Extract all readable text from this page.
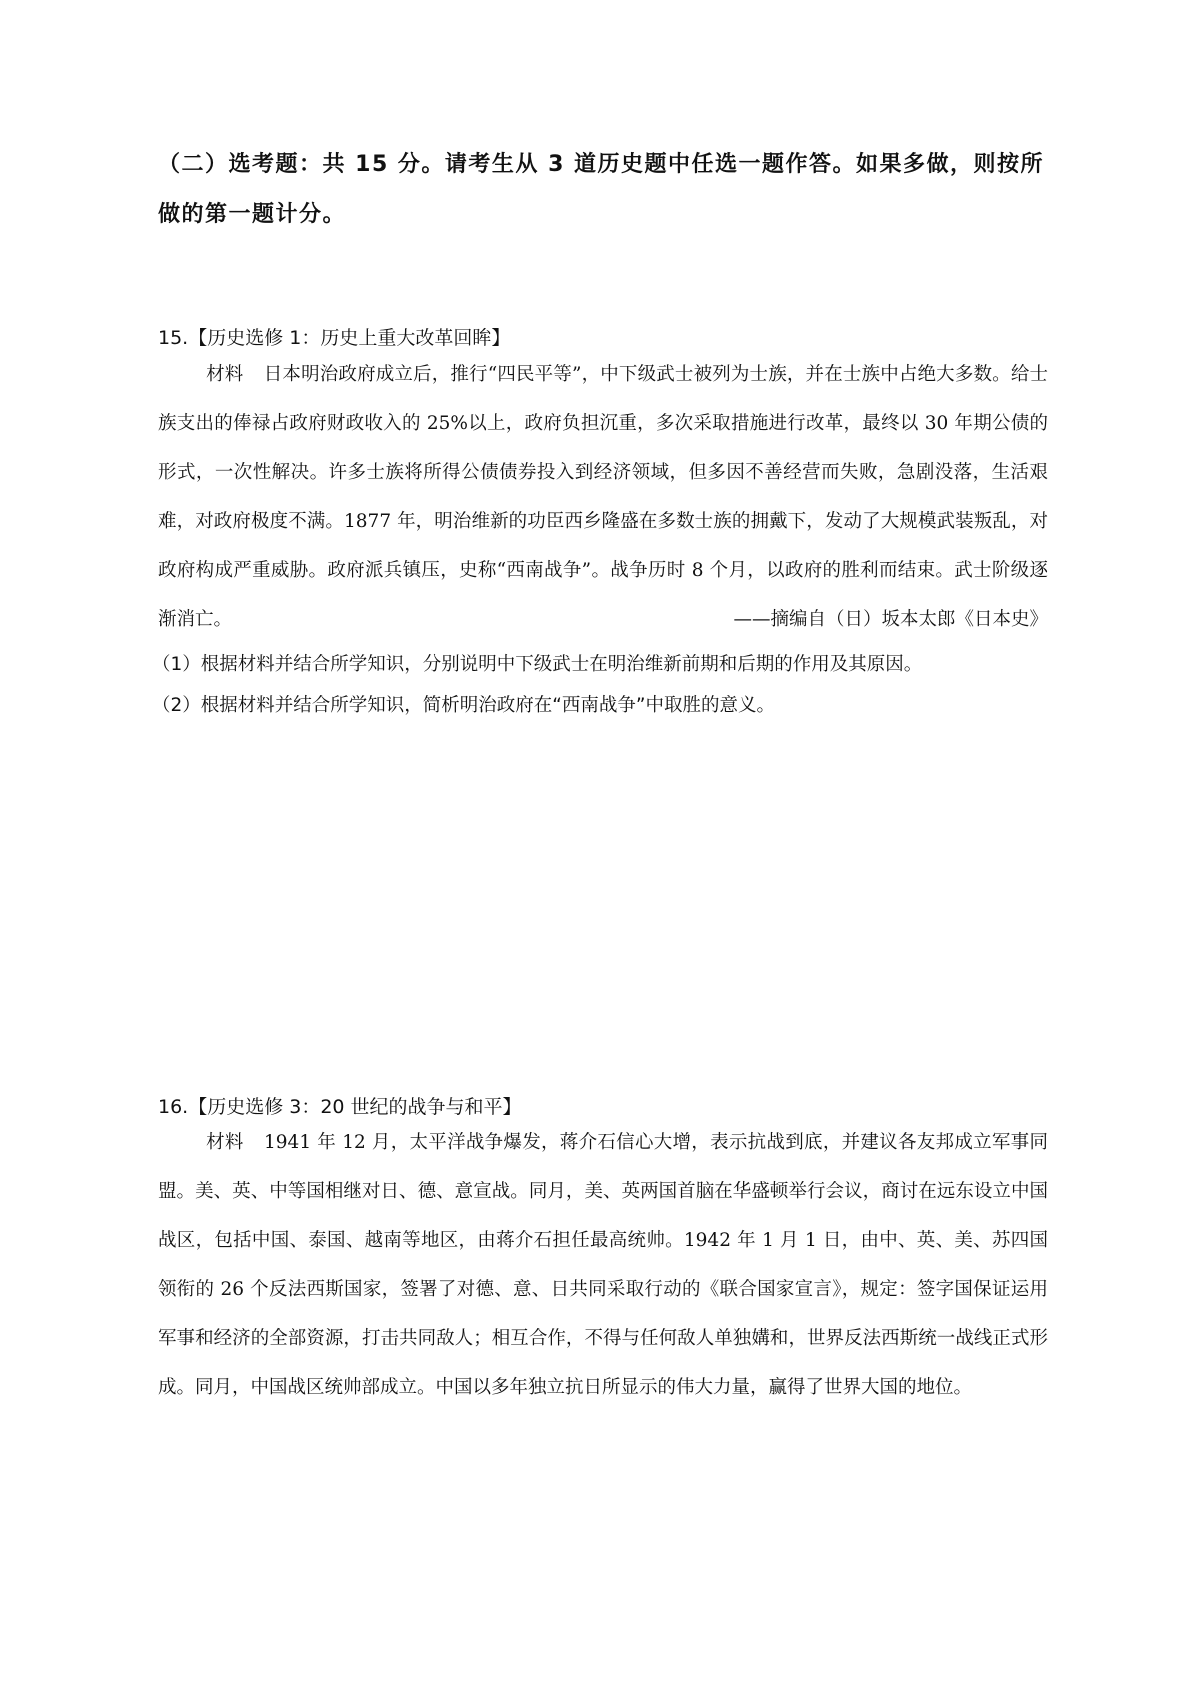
（二）选考题：共 15 分。请考生从 3 道历史题中任选一题作答。如果多做，则按所做的第一题计分。
15.【历史选修 1：历史上重大改革回眸】
材料 日本明治政府成立后，推行“四民平等”，中下级武士被列为士族，并在士族中占绝大多数。给士族支出的俸禄占政府财政收入的 25%以上，政府负担沉重，多次采取措施进行改革，最终以 30 年期公债的形式，一次性解决。许多士族将所得公债债券投入到经济领域，但多因不善经营而失败，急剧没落，生活艰难，对政府极度不满。1877 年，明治维新的功臣西乡隆盛在多数士族的拥戴下，发动了大规模武装叛乱，对政府构成严重威胁。政府派兵镇压，史称“西南战争”。战争历时 8 个月，以政府的胜利而结束。武士阶级逐渐消亡。	——摘编自（日）坂本太郎《日本史》
（1）根据材料并结合所学知识，分别说明中下级武士在明治维新前期和后期的作用及其原因。
（2）根据材料并结合所学知识，简析明治政府在“西南战争”中取胜的意义。
16.【历史选修 3：20 世纪的战争与和平】
材料 1941 年 12 月，太平洋战争爆发，蒋介石信心大增，表示抗战到底，并建议各友邦成立军事同盟。美、英、中等国相继对日、德、意宣战。同月，美、英两国首脑在华盛顿举行会议，商讨在远东设立中国战区，包括中国、泰国、越南等地区，由蒋介石担任最高统帅。1942 年 1 月 1 日，由中、英、美、苏四国领衔的 26 个反法西斯国家，签署了对德、意、日共同采取行动的《联合国家宣言》，规定：签字国保证运用军事和经济的全部资源，打击共同敌人；相互合作，不得与任何敌人单独媾和，世界反法西斯统一战线正式形成。同月，中国战区统帅部成立。中国以多年独立抗日所显示的伟大力量，赢得了世界大国的地位。
